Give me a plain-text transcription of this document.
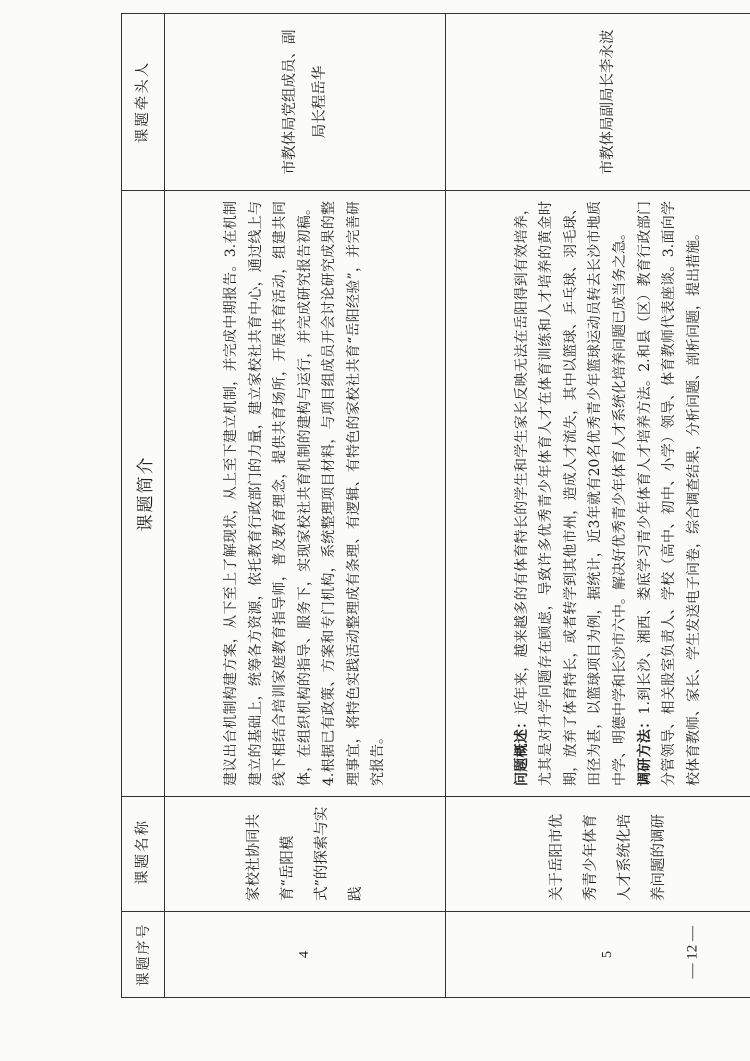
课题序号	课题名称	课题简介	课题牵头人
4	家校社协同共育“岳阳模式”的探索与实践	建议出台机制构建方案，从下至上了解现状，从上至下建立机制，并完成中期报告。3.在机制建立的基础上，统筹各方资源，依托教育行政部门的力量，建立家校社共育中心，通过线上与线下相结合培训家庭教育指导师，普及教育理念，提供共育场所，开展共育活动，组建共同体，在组织机构的指导、服务下，实现家校社共育机制的建构与运行，并完成研究报告初稿。4.根据已有政策、方案和专门机构，系统整理项目材料，与项目组成员开会讨论研究成果的整理事宜，将特色实践活动整理成有条理、有逻辑、有特色的家校社共育“岳阳经验”，并完善研究报告。	市教体局党组成员、副局长程岳华
5	关于岳阳市优秀青少年体育人才系统化培养问题的调研	问题概述：近年来，越来越多的有体育特长的学生和学生家长反映无法在岳阳得到有效培养，尤其是对升学问题存在顾虑，导致许多优秀青少年体育人才在体育训练和人才培养的黄金时期，放弃了体育特长，或者转学到其他市州，造成人才流失，其中以篮球、乒乓球、羽毛球、田径为甚，以篮球项目为例，据统计，近3年就有20名优秀青少年篮球运动员转去长沙市地质中学、明德中学和长沙市六中。解决好优秀青少年体育人才系统化培养问题已成当务之急。 调研方法：1.到长沙、湘西、娄底学习青少年体育人才培养方法。2.和县（区）教育行政部门分管领导、相关股室负责人、学校（高中、初中、小学）领导、体育教师代表座谈。3.面向学校体育教师、家长、学生发送电子问卷，综合调查结果，分析问题、剖析问题，提出措施。	市教体局副局长李永波
— 12 —
